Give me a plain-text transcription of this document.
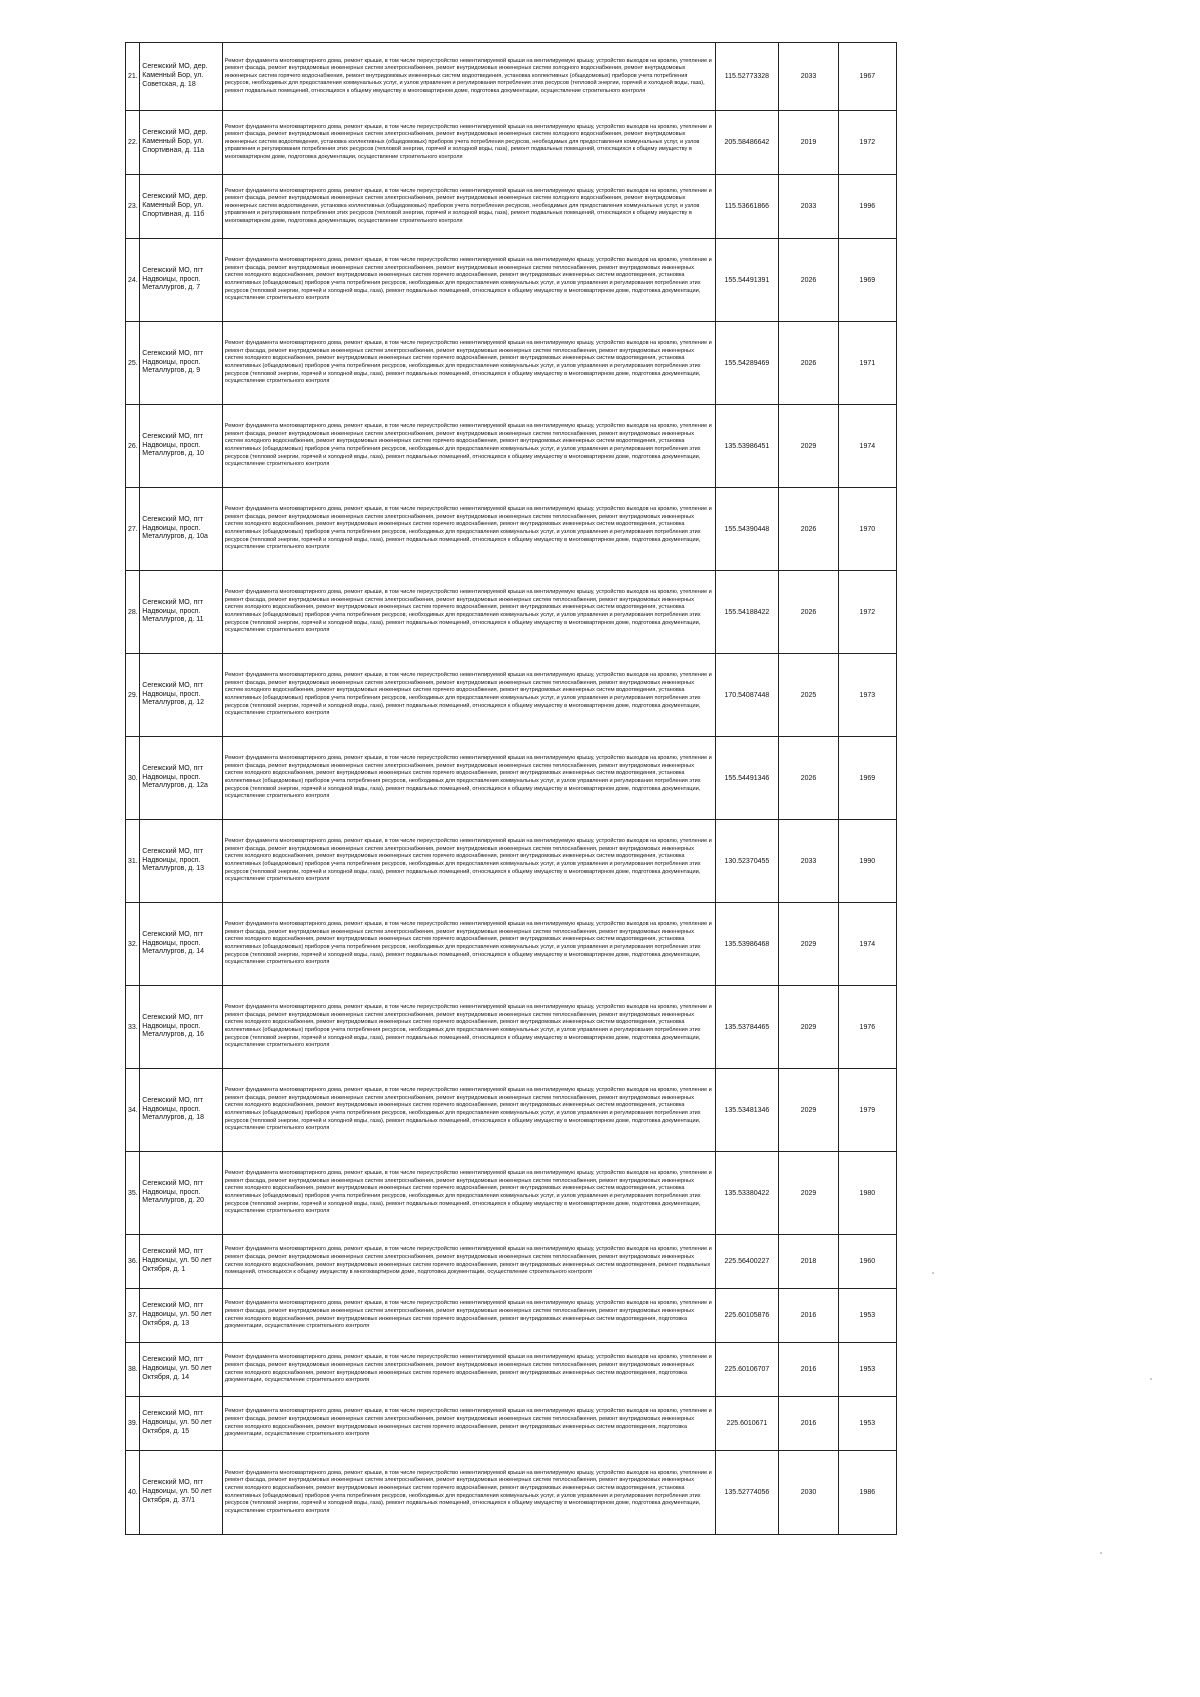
21.	Сегежский МО, дер. Каменный Бор, ул. Советская, д. 18	Ремонт фундамента многоквартирного дома, ремонт крыши, в том числе переустройство невентилируемой крыши на вентилируемую крышу, устройство выходов на кровлю, утепление и ремонт фасада, ремонт внутридомовых инженерных систем электроснабжения, ремонт внутридомовых инженерных систем холодного водоснабжения, ремонт внутридомовых инженерных систем горячего водоснабжения, ремонт внутридомовых инженерных систем водоотведения, установка коллективных (общедомовых) приборов учета потребления ресурсов, необходимых для предоставления коммунальных услуг, и узлов управления и регулирования потребления этих ресурсов (тепловой энергии, горячей и холодной воды, газа), ремонт подвальных помещений, относящихся к общему имуществу в многоквартирном доме, подготовка документации, осуществление строительного контроля	115.52773328	2033	1967
22.	Сегежский МО, дер. Каменный Бор, ул. Спортивная, д. 11а	Ремонт фундамента многоквартирного дома, ремонт крыши, в том числе переустройство невентилируемой крыши на вентилируемую крышу, устройство выходов на кровлю, утепление и ремонт фасада, ремонт внутридомовых инженерных систем электроснабжения, ремонт внутридомовых инженерных систем холодного водоснабжения, ремонт внутридомовых инженерных систем водоотведения, установка коллективных (общедомовых) приборов учета потребления ресурсов, необходимых для предоставления коммунальных услуг, и узлов управления и регулирования потребления этих ресурсов (тепловой энергии, горячей и холодной воды, газа), ремонт подвальных помещений, относящихся к общему имуществу в многоквартирном доме, подготовка документации, осуществление строительного контроля	205.58486642	2019	1972
23.	Сегежский МО, дер. Каменный Бор, ул. Спортивная, д. 11б	Ремонт фундамента многоквартирного дома, ремонт крыши, в том числе переустройство невентилируемой крыши на вентилируемую крышу, устройство выходов на кровлю, утепление и ремонт фасада, ремонт внутридомовых инженерных систем электроснабжения, ремонт внутридомовых инженерных систем холодного водоснабжения, ремонт внутридомовых инженерных систем водоотведения, установка коллективных (общедомовых) приборов учета потребления ресурсов, необходимых для предоставления коммунальных услуг, и узлов управления и регулирования потребления этих ресурсов (тепловой энергии, горячей и холодной воды, газа), ремонт подвальных помещений, относящихся к общему имуществу в многоквартирном доме, подготовка документации, осуществление строительного контроля	115.53661866	2033	1996
24.	Сегежский МО, пгт Надвоицы, просп. Металлургов, д. 7	Ремонт фундамента многоквартирного дома, ремонт крыши, в том числе переустройство невентилируемой крыши на вентилируемую крышу, устройство выходов на кровлю, утепление и ремонт фасада, ремонт внутридомовых инженерных систем электроснабжения, ремонт внутридомовых инженерных систем теплоснабжения, ремонт внутридомовых инженерных систем холодного водоснабжения, ремонт внутридомовых инженерных систем горячего водоснабжения, ремонт внутридомовых инженерных систем водоотведения, установка коллективных (общедомовых) приборов учета потребления ресурсов, необходимых для предоставления коммунальных услуг, и узлов управления и регулирования потребления этих ресурсов (тепловой энергии, горячей и холодной воды, газа), ремонт подвальных помещений, относящихся к общему имуществу в многоквартирном доме, подготовка документации, осуществление строительного контроля	155.54491391	2026	1969
25.	Сегежский МО, пгт Надвоицы, просп. Металлургов, д. 9	Ремонт фундамента многоквартирного дома, ремонт крыши, в том числе переустройство невентилируемой крыши на вентилируемую крышу, устройство выходов на кровлю, утепление и ремонт фасада, ремонт внутридомовых инженерных систем электроснабжения, ремонт внутридомовых инженерных систем теплоснабжения, ремонт внутридомовых инженерных систем холодного водоснабжения, ремонт внутридомовых инженерных систем горячего водоснабжения, ремонт внутридомовых инженерных систем водоотведения, установка коллективных (общедомовых) приборов учета потребления ресурсов, необходимых для предоставления коммунальных услуг, и узлов управления и регулирования потребления этих ресурсов (тепловой энергии, горячей и холодной воды, газа), ремонт подвальных помещений, относящихся к общему имуществу в многоквартирном доме, подготовка документации, осуществление строительного контроля	155.54289469	2026	1971
26.	Сегежский МО, пгт Надвоицы, просп. Металлургов, д. 10	Ремонт фундамента многоквартирного дома, ремонт крыши, в том числе переустройство невентилируемой крыши на вентилируемую крышу, устройство выходов на кровлю, утепление и ремонт фасада, ремонт внутридомовых инженерных систем электроснабжения, ремонт внутридомовых инженерных систем теплоснабжения, ремонт внутридомовых инженерных систем холодного водоснабжения, ремонт внутридомовых инженерных систем горячего водоснабжения, ремонт внутридомовых инженерных систем водоотведения, установка коллективных (общедомовых) приборов учета потребления ресурсов, необходимых для предоставления коммунальных услуг, и узлов управления и регулирования потребления этих ресурсов (тепловой энергии, горячей и холодной воды, газа), ремонт подвальных помещений, относящихся к общему имуществу в многоквартирном доме, подготовка документации, осуществление строительного контроля	135.53986451	2029	1974
27.	Сегежский МО, пгт Надвоицы, просп. Металлургов, д. 10а	Ремонт фундамента многоквартирного дома, ремонт крыши, в том числе переустройство невентилируемой крыши на вентилируемую крышу, устройство выходов на кровлю, утепление и ремонт фасада, ремонт внутридомовых инженерных систем электроснабжения, ремонт внутридомовых инженерных систем теплоснабжения, ремонт внутридомовых инженерных систем холодного водоснабжения, ремонт внутридомовых инженерных систем горячего водоснабжения, ремонт внутридомовых инженерных систем водоотведения, установка коллективных (общедомовых) приборов учета потребления ресурсов, необходимых для предоставления коммунальных услуг, и узлов управления и регулирования потребления этих ресурсов (тепловой энергии, горячей и холодной воды, газа), ремонт подвальных помещений, относящихся к общему имуществу в многоквартирном доме, подготовка документации, осуществление строительного контроля	155.54390448	2026	1970
28.	Сегежский МО, пгт Надвоицы, просп. Металлургов, д. 11	Ремонт фундамента многоквартирного дома, ремонт крыши, в том числе переустройство невентилируемой крыши на вентилируемую крышу, устройство выходов на кровлю, утепление и ремонт фасада, ремонт внутридомовых инженерных систем электроснабжения, ремонт внутридомовых инженерных систем теплоснабжения, ремонт внутридомовых инженерных систем холодного водоснабжения, ремонт внутридомовых инженерных систем горячего водоснабжения, ремонт внутридомовых инженерных систем водоотведения, установка коллективных (общедомовых) приборов учета потребления ресурсов, необходимых для предоставления коммунальных услуг, и узлов управления и регулирования потребления этих ресурсов (тепловой энергии, горячей и холодной воды, газа), ремонт подвальных помещений, относящихся к общему имуществу в многоквартирном доме, подготовка документации, осуществление строительного контроля	155.54188422	2026	1972
29.	Сегежский МО, пгт Надвоицы, просп. Металлургов, д. 12	Ремонт фундамента многоквартирного дома, ремонт крыши, в том числе переустройство невентилируемой крыши на вентилируемую крышу, устройство выходов на кровлю, утепление и ремонт фасада, ремонт внутридомовых инженерных систем электроснабжения, ремонт внутридомовых инженерных систем теплоснабжения, ремонт внутридомовых инженерных систем холодного водоснабжения, ремонт внутридомовых инженерных систем горячего водоснабжения, ремонт внутридомовых инженерных систем водоотведения, установка коллективных (общедомовых) приборов учета потребления ресурсов, необходимых для предоставления коммунальных услуг, и узлов управления и регулирования потребления этих ресурсов (тепловой энергии, горячей и холодной воды, газа), ремонт подвальных помещений, относящихся к общему имуществу в многоквартирном доме, подготовка документации, осуществление строительного контроля	170.54087448	2025	1973
30.	Сегежский МО, пгт Надвоицы, просп. Металлургов, д. 12а	Ремонт фундамента многоквартирного дома, ремонт крыши, в том числе переустройство невентилируемой крыши на вентилируемую крышу, устройство выходов на кровлю, утепление и ремонт фасада, ремонт внутридомовых инженерных систем электроснабжения, ремонт внутридомовых инженерных систем теплоснабжения, ремонт внутридомовых инженерных систем холодного водоснабжения, ремонт внутридомовых инженерных систем горячего водоснабжения, ремонт внутридомовых инженерных систем водоотведения, установка коллективных (общедомовых) приборов учета потребления ресурсов, необходимых для предоставления коммунальных услуг, и узлов управления и регулирования потребления этих ресурсов (тепловой энергии, горячей и холодной воды, газа), ремонт подвальных помещений, относящихся к общему имуществу в многоквартирном доме, подготовка документации, осуществление строительного контроля	155.54491346	2026	1969
31.	Сегежский МО, пгт Надвоицы, просп. Металлургов, д. 13	Ремонт фундамента многоквартирного дома, ремонт крыши, в том числе переустройство невентилируемой крыши на вентилируемую крышу, устройство выходов на кровлю, утепление и ремонт фасада, ремонт внутридомовых инженерных систем электроснабжения, ремонт внутридомовых инженерных систем теплоснабжения, ремонт внутридомовых инженерных систем холодного водоснабжения, ремонт внутридомовых инженерных систем горячего водоснабжения, ремонт внутридомовых инженерных систем водоотведения, установка коллективных (общедомовых) приборов учета потребления ресурсов, необходимых для предоставления коммунальных услуг, и узлов управления и регулирования потребления этих ресурсов (тепловой энергии, горячей и холодной воды, газа), ремонт подвальных помещений, относящихся к общему имуществу в многоквартирном доме, подготовка документации, осуществление строительного контроля	130.52370455	2033	1990
32.	Сегежский МО, пгт Надвоицы, просп. Металлургов, д. 14	Ремонт фундамента многоквартирного дома, ремонт крыши, в том числе переустройство невентилируемой крыши на вентилируемую крышу, устройство выходов на кровлю, утепление и ремонт фасада, ремонт внутридомовых инженерных систем электроснабжения, ремонт внутридомовых инженерных систем теплоснабжения, ремонт внутридомовых инженерных систем холодного водоснабжения, ремонт внутридомовых инженерных систем горячего водоснабжения, ремонт внутридомовых инженерных систем водоотведения, установка коллективных (общедомовых) приборов учета потребления ресурсов, необходимых для предоставления коммунальных услуг, и узлов управления и регулирования потребления этих ресурсов (тепловой энергии, горячей и холодной воды, газа), ремонт подвальных помещений, относящихся к общему имуществу в многоквартирном доме, подготовка документации, осуществление строительного контроля	135.53986468	2029	1974
33.	Сегежский МО, пгт Надвоицы, просп. Металлургов, д. 16	Ремонт фундамента многоквартирного дома, ремонт крыши, в том числе переустройство невентилируемой крыши на вентилируемую крышу, устройство выходов на кровлю, утепление и ремонт фасада, ремонт внутридомовых инженерных систем электроснабжения, ремонт внутридомовых инженерных систем теплоснабжения, ремонт внутридомовых инженерных систем холодного водоснабжения, ремонт внутридомовых инженерных систем горячего водоснабжения, ремонт внутридомовых инженерных систем водоотведения, установка коллективных (общедомовых) приборов учета потребления ресурсов, необходимых для предоставления коммунальных услуг, и узлов управления и регулирования потребления этих ресурсов (тепловой энергии, горячей и холодной воды, газа), ремонт подвальных помещений, относящихся к общему имуществу в многоквартирном доме, подготовка документации, осуществление строительного контроля	135.53784465	2029	1976
34.	Сегежский МО, пгт Надвоицы, просп. Металлургов, д. 18	Ремонт фундамента многоквартирного дома, ремонт крыши, в том числе переустройство невентилируемой крыши на вентилируемую крышу, устройство выходов на кровлю, утепление и ремонт фасада, ремонт внутридомовых инженерных систем электроснабжения, ремонт внутридомовых инженерных систем теплоснабжения, ремонт внутридомовых инженерных систем холодного водоснабжения, ремонт внутридомовых инженерных систем горячего водоснабжения, ремонт внутридомовых инженерных систем водоотведения, установка коллективных (общедомовых) приборов учета потребления ресурсов, необходимых для предоставления коммунальных услуг, и узлов управления и регулирования потребления этих ресурсов (тепловой энергии, горячей и холодной воды, газа), ремонт подвальных помещений, относящихся к общему имуществу в многоквартирном доме, подготовка документации, осуществление строительного контроля	135.53481346	2029	1979
35.	Сегежский МО, пгт Надвоицы, просп. Металлургов, д. 20	Ремонт фундамента многоквартирного дома, ремонт крыши, в том числе переустройство невентилируемой крыши на вентилируемую крышу, устройство выходов на кровлю, утепление и ремонт фасада, ремонт внутридомовых инженерных систем электроснабжения, ремонт внутридомовых инженерных систем теплоснабжения, ремонт внутридомовых инженерных систем холодного водоснабжения, ремонт внутридомовых инженерных систем горячего водоснабжения, ремонт внутридомовых инженерных систем водоотведения, установка коллективных (общедомовых) приборов учета потребления ресурсов, необходимых для предоставления коммунальных услуг, и узлов управления и регулирования потребления этих ресурсов (тепловой энергии, горячей и холодной воды, газа), ремонт подвальных помещений, относящихся к общему имуществу в многоквартирном доме, подготовка документации, осуществление строительного контроля	135.53380422	2029	1980
36.	Сегежский МО, пгт Надвоицы, ул. 50 лет Октября, д. 1	Ремонт фундамента многоквартирного дома, ремонт крыши, в том числе переустройство невентилируемой крыши на вентилируемую крышу, устройство выходов на кровлю, утепление и ремонт фасада, ремонт внутридомовых инженерных систем электроснабжения, ремонт внутридомовых инженерных систем теплоснабжения, ремонт внутридомовых инженерных систем холодного водоснабжения, ремонт внутридомовых инженерных систем горячего водоснабжения, ремонт внутридомовых инженерных систем водоотведения, ремонт подвальных помещений, относящихся к общему имуществу в многоквартирном доме, подготовка документации, осуществление строительного контроля	225.56400227	2018	1960
37.	Сегежский МО, пгт Надвоицы, ул. 50 лет Октября, д. 13	Ремонт фундамента многоквартирного дома, ремонт крыши, в том числе переустройство невентилируемой крыши на вентилируемую крышу, устройство выходов на кровлю, утепление и ремонт фасада, ремонт внутридомовых инженерных систем электроснабжения, ремонт внутридомовых инженерных систем теплоснабжения, ремонт внутридомовых инженерных систем холодного водоснабжения, ремонт внутридомовых инженерных систем горячего водоснабжения, ремонт внутридомовых инженерных систем водоотведения, подготовка документации, осуществление строительного контроля	225.60105876	2016	1953
38.	Сегежский МО, пгт Надвоицы, ул. 50 лет Октября, д. 14	Ремонт фундамента многоквартирного дома, ремонт крыши, в том числе переустройство невентилируемой крыши на вентилируемую крышу, устройство выходов на кровлю, утепление и ремонт фасада, ремонт внутридомовых инженерных систем электроснабжения, ремонт внутридомовых инженерных систем теплоснабжения, ремонт внутридомовых инженерных систем холодного водоснабжения, ремонт внутридомовых инженерных систем горячего водоснабжения, ремонт внутридомовых инженерных систем водоотведения, подготовка документации, осуществление строительного контроля	225.60106707	2016	1953
39.	Сегежский МО, пгт Надвоицы, ул. 50 лет Октября, д. 15	Ремонт фундамента многоквартирного дома, ремонт крыши, в том числе переустройство невентилируемой крыши на вентилируемую крышу, устройство выходов на кровлю, утепление и ремонт фасада, ремонт внутридомовых инженерных систем электроснабжения, ремонт внутридомовых инженерных систем теплоснабжения, ремонт внутридомовых инженерных систем холодного водоснабжения, ремонт внутридомовых инженерных систем горячего водоснабжения, ремонт внутридомовых инженерных систем водоотведения, подготовка документации, осуществление строительного контроля	225.6010671	2016	1953
40.	Сегежский МО, пгт Надвоицы, ул. 50 лет Октября, д. 37/1	Ремонт фундамента многоквартирного дома, ремонт крыши, в том числе переустройство невентилируемой крыши на вентилируемую крышу, устройство выходов на кровлю, утепление и ремонт фасада, ремонт внутридомовых инженерных систем электроснабжения, ремонт внутридомовых инженерных систем теплоснабжения, ремонт внутридомовых инженерных систем холодного водоснабжения, ремонт внутридомовых инженерных систем горячего водоснабжения, ремонт внутридомовых инженерных систем водоотведения, установка коллективных (общедомовых) приборов учета потребления ресурсов, необходимых для предоставления коммунальных услуг, и узлов управления и регулирования потребления этих ресурсов (тепловой энергии, горячей и холодной воды, газа), ремонт подвальных помещений, относящихся к общему имуществу в многоквартирном доме, подготовка документации, осуществление строительного контроля	135.52774056	2030	1986
